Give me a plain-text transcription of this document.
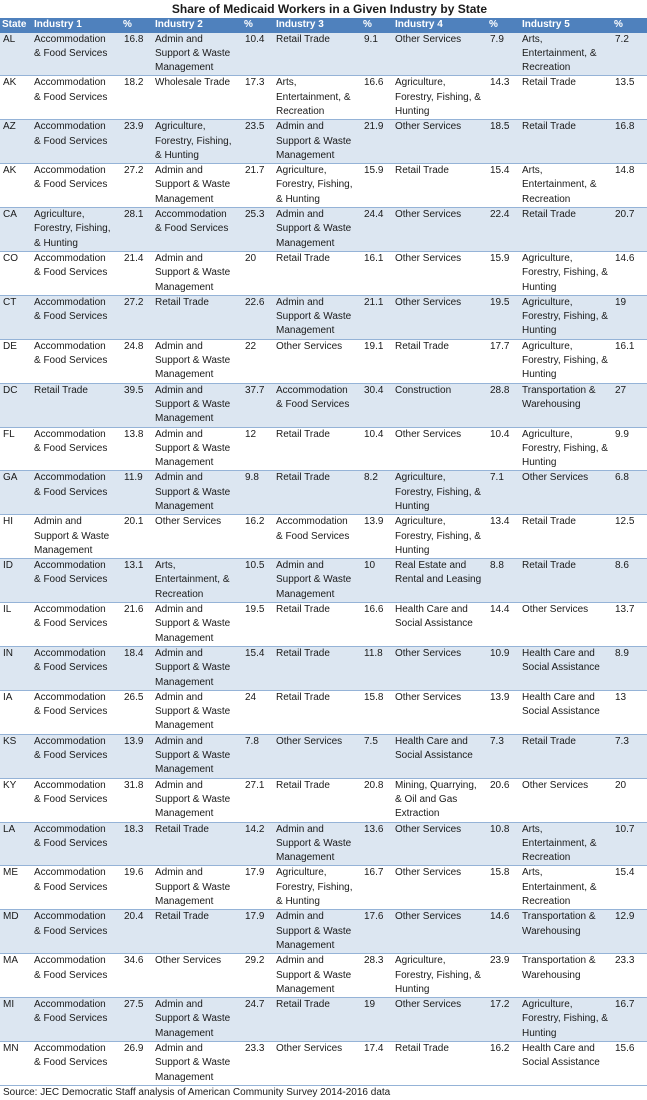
Share of Medicaid Workers in a Given Industry by State
State	Industry 1	%	Industry 2	%	Industry 3	%	Industry 4	%	Industry 5	%
AL	Accommodation
& Food Services	16.8	Admin and
Support & Waste
Management	10.4	Retail Trade	9.1	Other Services	7.9	Arts,
Entertainment, &
Recreation	7.2
AK	Accommodation
& Food Services	18.2	Wholesale Trade	17.3	Arts,
Entertainment, &
Recreation	16.6	Agriculture,
Forestry, Fishing, &
Hunting	14.3	Retail Trade	13.5
AZ	Accommodation
& Food Services	23.9	Agriculture,
Forestry, Fishing,
& Hunting	23.5	Admin and
Support & Waste
Management	21.9	Other Services	18.5	Retail Trade	16.8
AK	Accommodation
& Food Services	27.2	Admin and
Support & Waste
Management	21.7	Agriculture,
Forestry, Fishing,
& Hunting	15.9	Retail Trade	15.4	Arts,
Entertainment, &
Recreation	14.8
CA	Agriculture,
Forestry, Fishing,
& Hunting	28.1	Accommodation
& Food Services	25.3	Admin and
Support & Waste
Management	24.4	Other Services	22.4	Retail Trade	20.7
CO	Accommodation
& Food Services	21.4	Admin and
Support & Waste
Management	20	Retail Trade	16.1	Other Services	15.9	Agriculture,
Forestry, Fishing, &
Hunting	14.6
CT	Accommodation
& Food Services	27.2	Retail Trade	22.6	Admin and
Support & Waste
Management	21.1	Other Services	19.5	Agriculture,
Forestry, Fishing, &
Hunting	19
DE	Accommodation
& Food Services	24.8	Admin and
Support & Waste
Management	22	Other Services	19.1	Retail Trade	17.7	Agriculture,
Forestry, Fishing, &
Hunting	16.1
DC	Retail Trade	39.5	Admin and
Support & Waste
Management	37.7	Accommodation
& Food Services	30.4	Construction	28.8	Transportation &
Warehousing	27
FL	Accommodation
& Food Services	13.8	Admin and
Support & Waste
Management	12	Retail Trade	10.4	Other Services	10.4	Agriculture,
Forestry, Fishing, &
Hunting	9.9
GA	Accommodation
& Food Services	11.9	Admin and
Support & Waste
Management	9.8	Retail Trade	8.2	Agriculture,
Forestry, Fishing, &
Hunting	7.1	Other Services	6.8
HI	Admin and
Support & Waste
Management	20.1	Other Services	16.2	Accommodation
& Food Services	13.9	Agriculture,
Forestry, Fishing, &
Hunting	13.4	Retail Trade	12.5
ID	Accommodation
& Food Services	13.1	Arts,
Entertainment, &
Recreation	10.5	Admin and
Support & Waste
Management	10	Real Estate and
Rental and Leasing	8.8	Retail Trade	8.6
IL	Accommodation
& Food Services	21.6	Admin and
Support & Waste
Management	19.5	Retail Trade	16.6	Health Care and
Social Assistance	14.4	Other Services	13.7
IN	Accommodation
& Food Services	18.4	Admin and
Support & Waste
Management	15.4	Retail Trade	11.8	Other Services	10.9	Health Care and
Social Assistance	8.9
IA	Accommodation
& Food Services	26.5	Admin and
Support & Waste
Management	24	Retail Trade	15.8	Other Services	13.9	Health Care and
Social Assistance	13
KS	Accommodation
& Food Services	13.9	Admin and
Support & Waste
Management	7.8	Other Services	7.5	Health Care and
Social Assistance	7.3	Retail Trade	7.3
KY	Accommodation
& Food Services	31.8	Admin and
Support & Waste
Management	27.1	Retail Trade	20.8	Mining, Quarrying,
& Oil and Gas
Extraction	20.6	Other Services	20
LA	Accommodation
& Food Services	18.3	Retail Trade	14.2	Admin and
Support & Waste
Management	13.6	Other Services	10.8	Arts,
Entertainment, &
Recreation	10.7
ME	Accommodation
& Food Services	19.6	Admin and
Support & Waste
Management	17.9	Agriculture,
Forestry, Fishing,
& Hunting	16.7	Other Services	15.8	Arts,
Entertainment, &
Recreation	15.4
MD	Accommodation
& Food Services	20.4	Retail Trade	17.9	Admin and
Support & Waste
Management	17.6	Other Services	14.6	Transportation &
Warehousing	12.9
MA	Accommodation
& Food Services	34.6	Other Services	29.2	Admin and
Support & Waste
Management	28.3	Agriculture,
Forestry, Fishing, &
Hunting	23.9	Transportation &
Warehousing	23.3
MI	Accommodation
& Food Services	27.5	Admin and
Support & Waste
Management	24.7	Retail Trade	19	Other Services	17.2	Agriculture,
Forestry, Fishing, &
Hunting	16.7
MN	Accommodation
& Food Services	26.9	Admin and
Support & Waste
Management	23.3	Other Services	17.4	Retail Trade	16.2	Health Care and
Social Assistance	15.6
Source: JEC Democratic Staff analysis of American Community Survey 2014-2016 data
